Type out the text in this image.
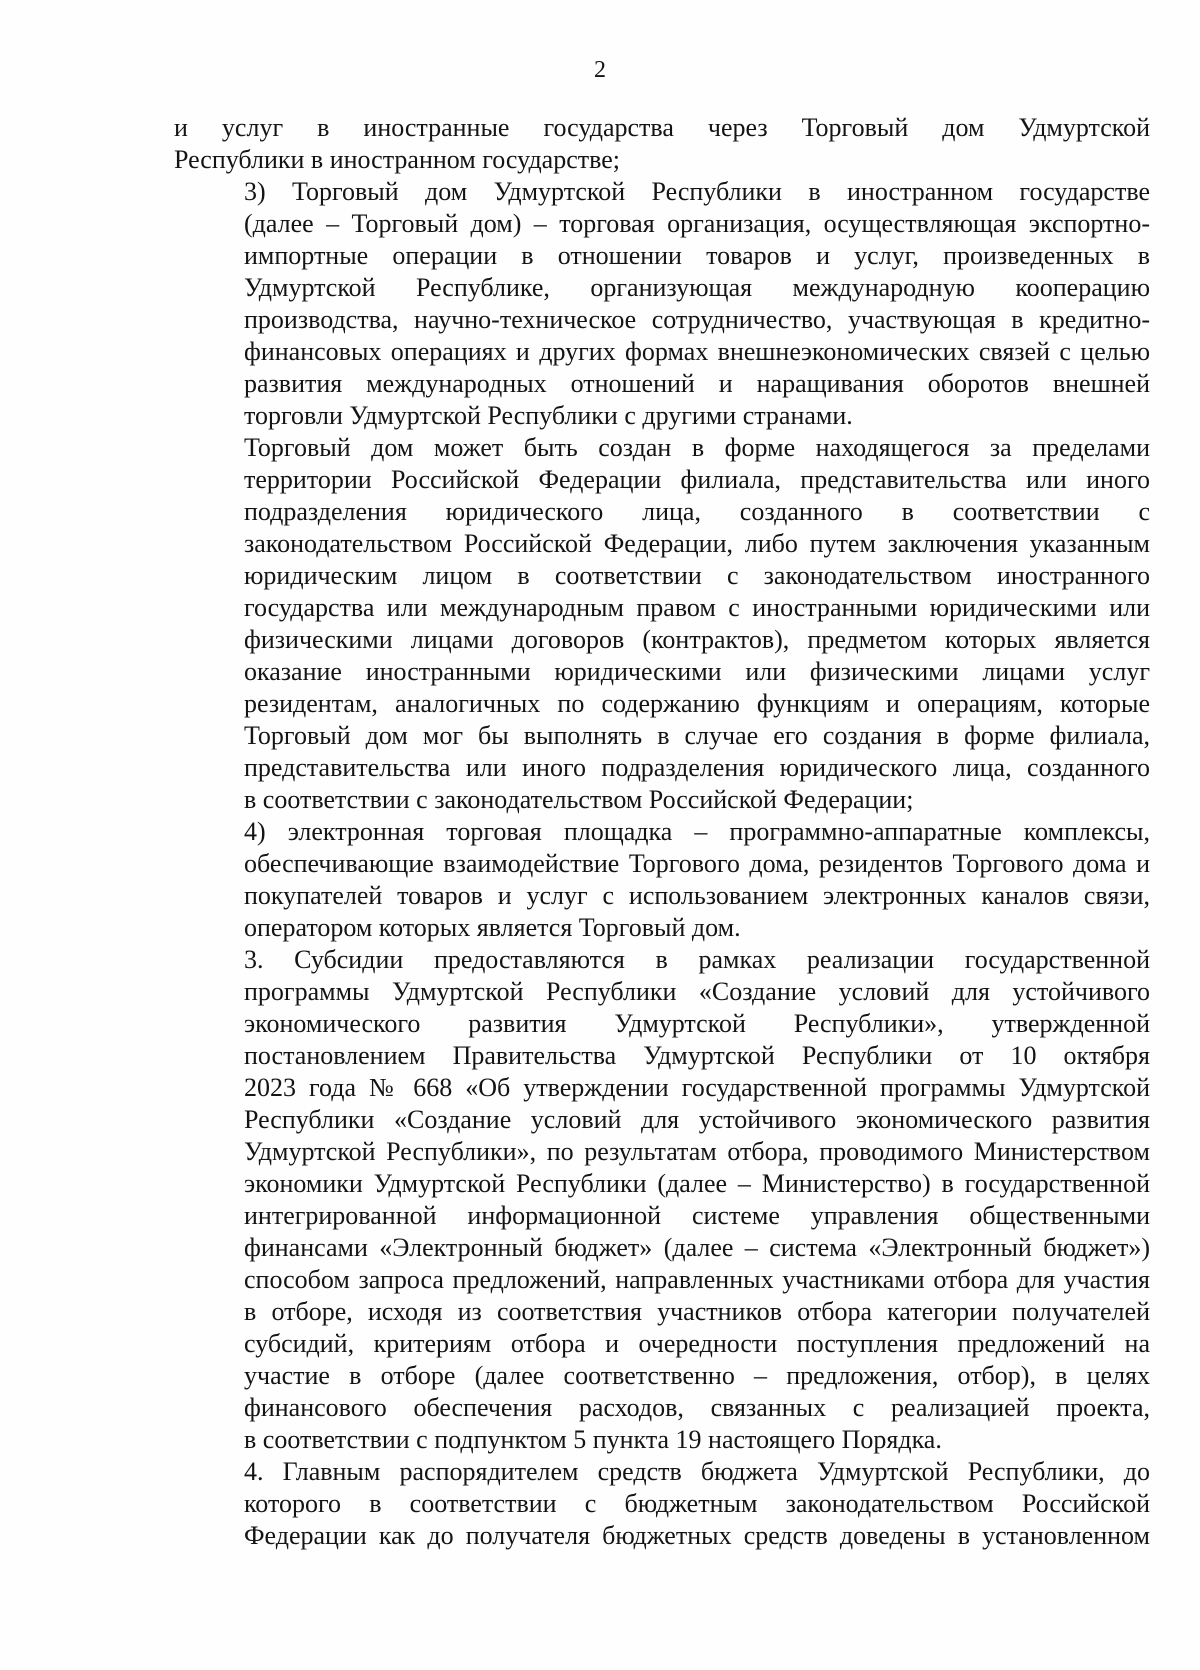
2

и услуг в иностранные государства через Торговый дом Удмуртской
Республики в иностранном государстве;

3) Торговый дом Удмуртской Республики в иностранном государстве
(далее – Торговый дом) – торговая организация, осуществляющая экспортно-
импортные операции в отношении товаров и услуг, произведенных в
Удмуртской Республике, организующая международную кооперацию
производства, научно-техническое сотрудничество, участвующая в кредитно-
финансовых операциях и других формах внешнеэкономических связей с целью
развития международных отношений и наращивания оборотов внешней
торговли Удмуртской Республики с другими странами.

Торговый дом может быть создан в форме находящегося за пределами
территории Российской Федерации филиала, представительства или иного
подразделения юридического лица, созданного в соответствии с
законодательством Российской Федерации, либо путем заключения указанным
юридическим лицом в соответствии с законодательством иностранного
государства или международным правом с иностранными юридическими или
физическими лицами договоров (контрактов), предметом которых является
оказание иностранными юридическими или физическими лицами услуг
резидентам, аналогичных по содержанию функциям и операциям, которые
Торговый дом мог бы выполнять в случае его создания в форме филиала,
представительства или иного подразделения юридического лица, созданного
в соответствии с законодательством Российской Федерации;

4) электронная торговая площадка – программно-аппаратные комплексы,
обеспечивающие взаимодействие Торгового дома, резидентов Торгового дома и
покупателей товаров и услуг с использованием электронных каналов связи,
оператором которых является Торговый дом.

3. Субсидии предоставляются в рамках реализации государственной
программы Удмуртской Республики «Создание условий для устойчивого
экономического развития Удмуртской Республики», утвержденной
постановлением Правительства Удмуртской Республики от 10 октября
2023 года № 668 «Об утверждении государственной программы Удмуртской
Республики «Создание условий для устойчивого экономического развития
Удмуртской Республики», по результатам отбора, проводимого Министерством
экономики Удмуртской Республики (далее – Министерство) в государственной
интегрированной информационной системе управления общественными
финансами «Электронный бюджет» (далее – система «Электронный бюджет»)
способом запроса предложений, направленных участниками отбора для участия
в отборе, исходя из соответствия участников отбора категории получателей
субсидий, критериям отбора и очередности поступления предложений на
участие в отборе (далее соответственно – предложения, отбор), в целях
финансового обеспечения расходов, связанных с реализацией проекта,
в соответствии с подпунктом 5 пункта 19 настоящего Порядка.

4. Главным распорядителем средств бюджета Удмуртской Республики, до
которого в соответствии с бюджетным законодательством Российской
Федерации как до получателя бюджетных средств доведены в установленном
